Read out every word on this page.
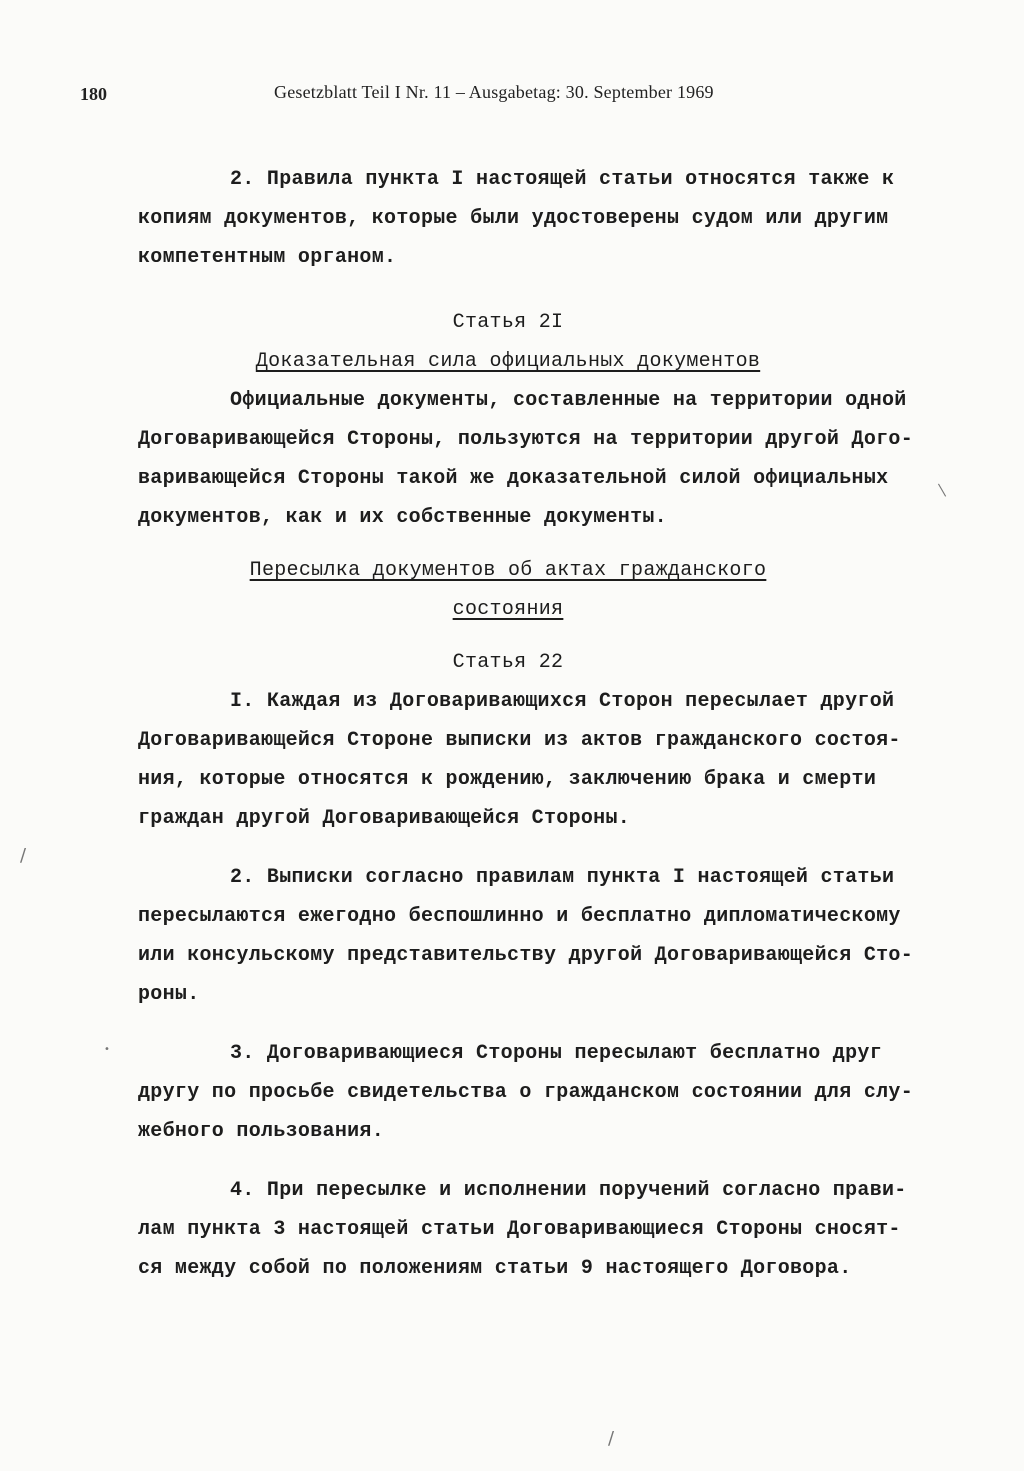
180	Gesetzblatt Teil I Nr. 11 – Ausgabetag: 30. September 1969
2. Правила пункта I настоящей статьи относятся также к
копиям документов, которые были удостоверены судом или другим
компетентным органом.
Статья 2I
Доказательная сила официальных документов
Официальные документы, составленные на территории одной
Договаривающейся Стороны, пользуются на территории другой Дого-
варивающейся Стороны такой же доказательной силой официальных
документов, как и их собственные документы.
Пересылка документов об актах гражданского
состояния
Статья 22
I. Каждая из Договаривающихся Сторон пересылает другой
Договаривающейся Стороне выписки из актов гражданского состоя-
ния, которые относятся к рождению, заключению брака и смерти
граждан другой Договаривающейся Стороны.
2. Выписки согласно правилам пункта I настоящей статьи
пересылаются ежегодно беспошлинно и бесплатно дипломатическому
или консульскому представительству другой Договаривающейся Сто-
роны.
3. Договаривающиеся Стороны пересылают бесплатно друг
другу по просьбе свидетельства о гражданском состоянии для слу-
жебного пользования.
4. При пересылке и исполнении поручений согласно прави-
лам пункта 3 настоящей статьи Договаривающиеся Стороны сносят-
ся между собой по положениям статьи 9 настоящего Договора.
/
•
—
/
